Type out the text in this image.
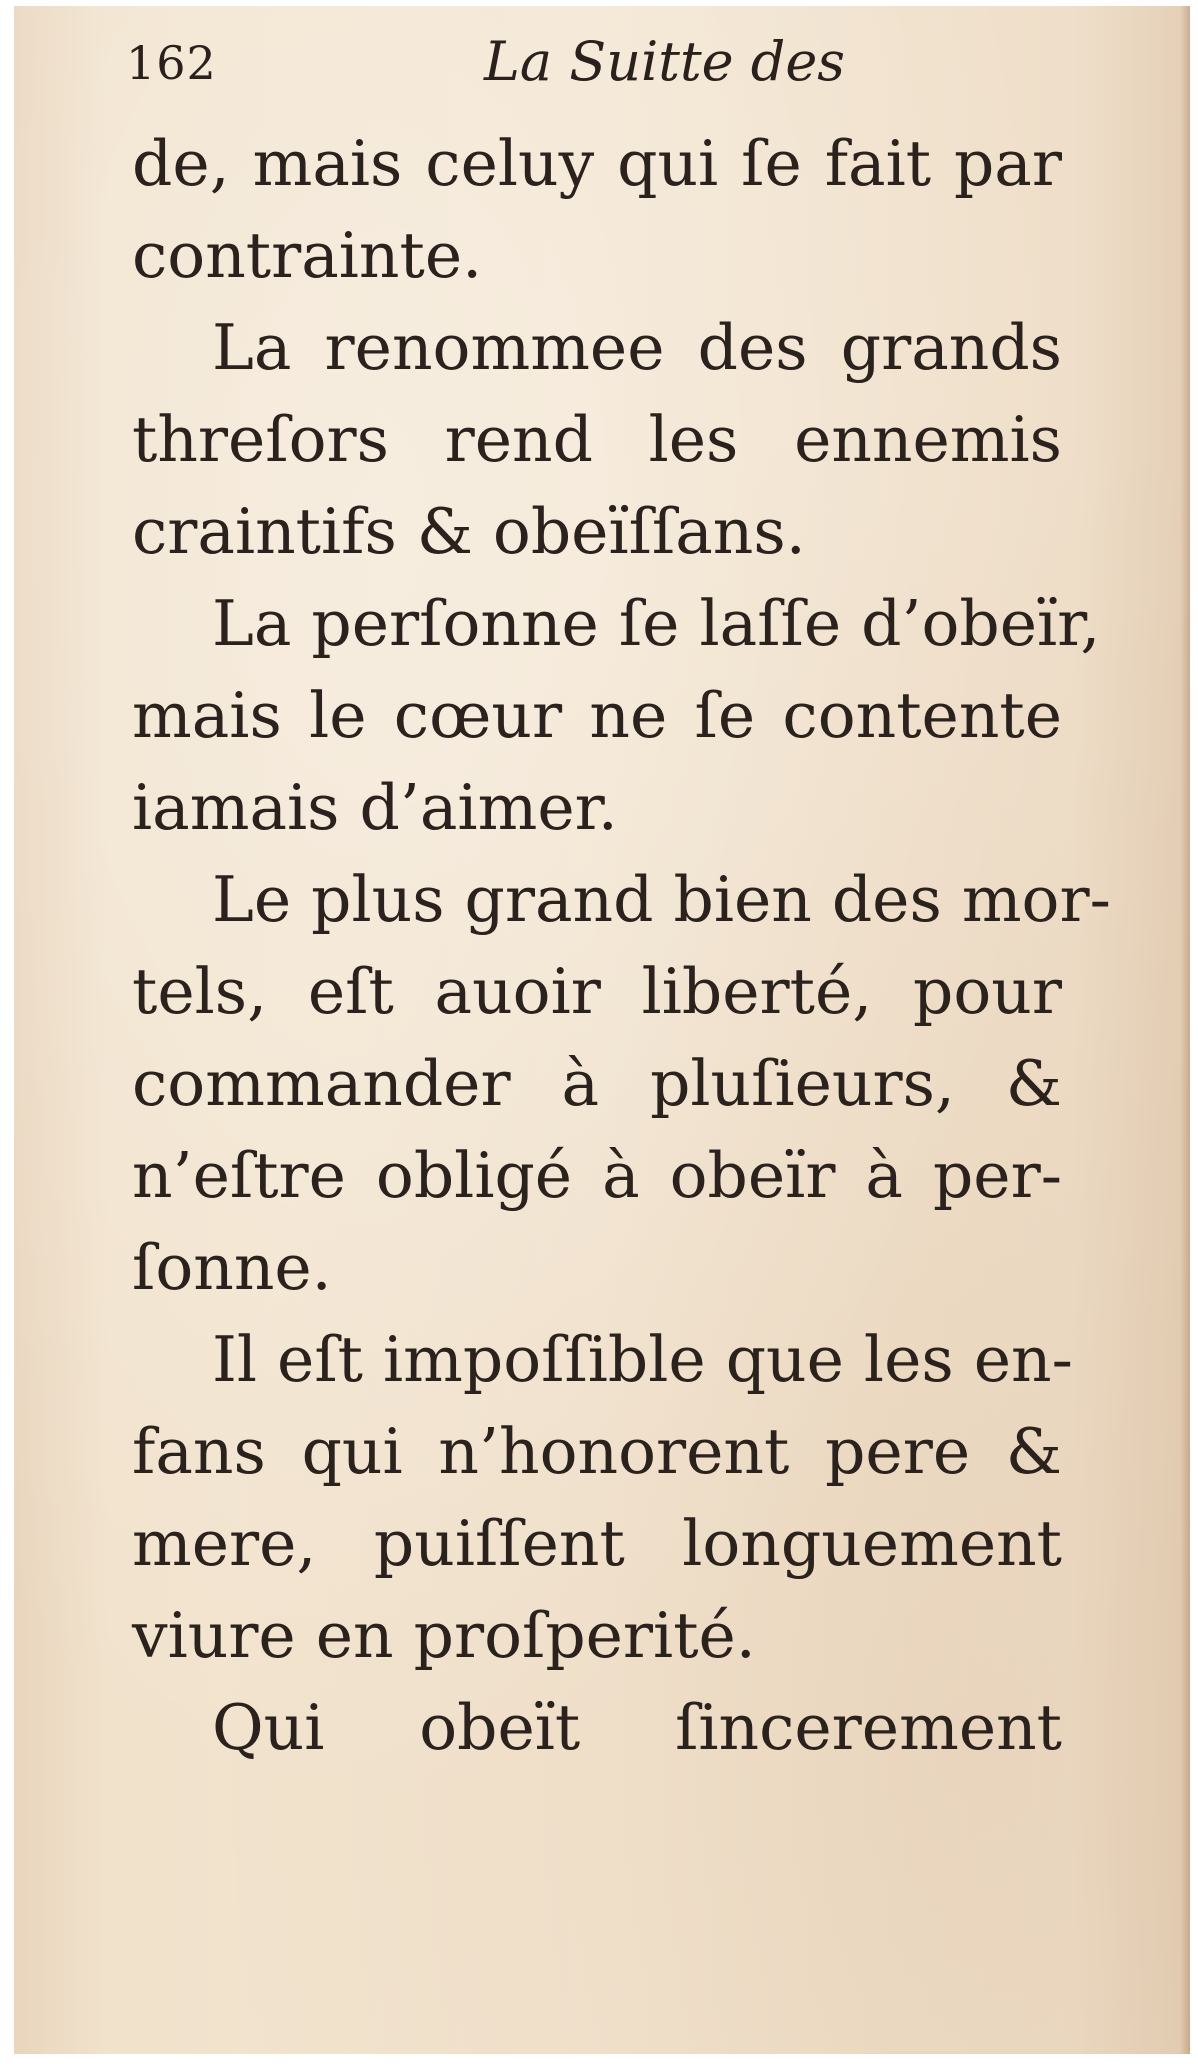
162	La Suitte des
de, mais celuy qui ſe fait par
contrainte.
La renommee des grands
threſors rend les ennemis
craintifs & obeïſſans.
La perſonne ſe laſſe d’obeïr,
mais le cœur ne ſe contente
iamais d’aimer.
Le plus grand bien des mor-
tels, eſt auoir liberté, pour
commander à pluſieurs, &
n’eſtre obligé à obeïr à per-
ſonne.
Il eſt impoſſible que les en-
fans qui n’honorent pere &
mere, puiſſent longuement
viure en proſperité.
Qui obeït ſincerement
